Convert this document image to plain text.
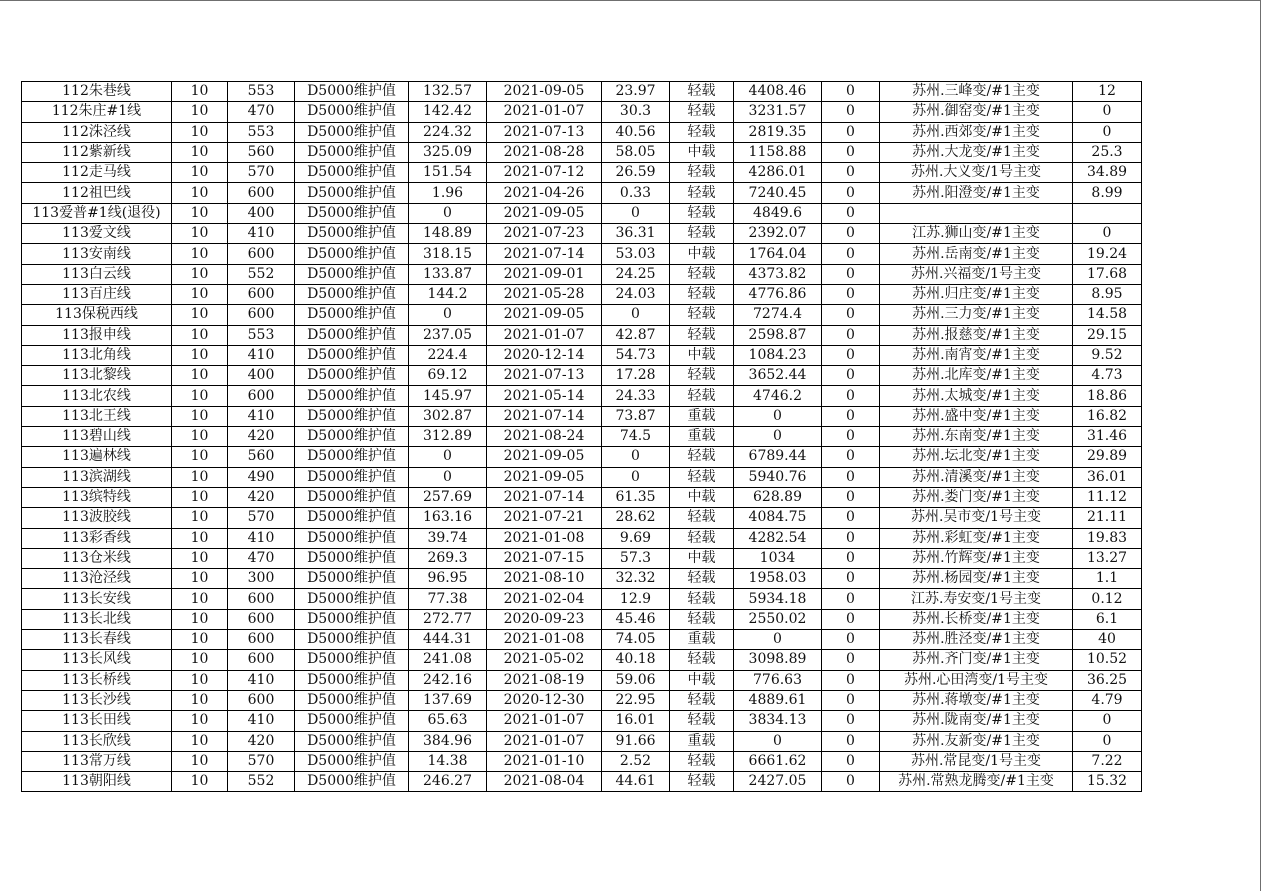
112朱巷线	10	553	D5000维护值	132.57	2021-09-05	23.97	轻载	4408.46	0	苏州.三峰变/#1主变	12
112朱庄#1线	10	470	D5000维护值	142.42	2021-01-07	30.3	轻载	3231.57	0	苏州.御窑变/#1主变	0
112洙泾线	10	553	D5000维护值	224.32	2021-07-13	40.56	轻载	2819.35	0	苏州.西郊变/#1主变	0
112紫新线	10	560	D5000维护值	325.09	2021-08-28	58.05	中载	1158.88	0	苏州.大龙变/#1主变	25.3
112走马线	10	570	D5000维护值	151.54	2021-07-12	26.59	轻载	4286.01	0	苏州.大义变/1号主变	34.89
112祖巴线	10	600	D5000维护值	1.96	2021-04-26	0.33	轻载	7240.45	0	苏州.阳澄变/#1主变	8.99
113爱普#1线(退役)	10	400	D5000维护值	0	2021-09-05	0	轻载	4849.6	0		
113爱文线	10	410	D5000维护值	148.89	2021-07-23	36.31	轻载	2392.07	0	江苏.狮山变/#1主变	0
113安南线	10	600	D5000维护值	318.15	2021-07-14	53.03	中载	1764.04	0	苏州.岳南变/#1主变	19.24
113白云线	10	552	D5000维护值	133.87	2021-09-01	24.25	轻载	4373.82	0	苏州.兴福变/1号主变	17.68
113百庄线	10	600	D5000维护值	144.2	2021-05-28	24.03	轻载	4776.86	0	苏州.归庄变/#1主变	8.95
113保税西线	10	600	D5000维护值	0	2021-09-05	0	轻载	7274.4	0	苏州.三力变/#1主变	14.58
113报申线	10	553	D5000维护值	237.05	2021-01-07	42.87	轻载	2598.87	0	苏州.报慈变/#1主变	29.15
113北角线	10	410	D5000维护值	224.4	2020-12-14	54.73	中载	1084.23	0	苏州.南宵变/#1主变	9.52
113北黎线	10	400	D5000维护值	69.12	2021-07-13	17.28	轻载	3652.44	0	苏州.北库变/#1主变	4.73
113北农线	10	600	D5000维护值	145.97	2021-05-14	24.33	轻载	4746.2	0	苏州.太城变/#1主变	18.86
113北王线	10	410	D5000维护值	302.87	2021-07-14	73.87	重载	0	0	苏州.盛中变/#1主变	16.82
113碧山线	10	420	D5000维护值	312.89	2021-08-24	74.5	重载	0	0	苏州.东南变/#1主变	31.46
113遍林线	10	560	D5000维护值	0	2021-09-05	0	轻载	6789.44	0	苏州.坛北变/#1主变	29.89
113滨湖线	10	490	D5000维护值	0	2021-09-05	0	轻载	5940.76	0	苏州.清溪变/#1主变	36.01
113缤特线	10	420	D5000维护值	257.69	2021-07-14	61.35	中载	628.89	0	苏州.娄门变/#1主变	11.12
113波胶线	10	570	D5000维护值	163.16	2021-07-21	28.62	轻载	4084.75	0	苏州.吴市变/1号主变	21.11
113彩香线	10	410	D5000维护值	39.74	2021-01-08	9.69	轻载	4282.54	0	苏州.彩虹变/#1主变	19.83
113仓米线	10	470	D5000维护值	269.3	2021-07-15	57.3	中载	1034	0	苏州.竹辉变/#1主变	13.27
113沧泾线	10	300	D5000维护值	96.95	2021-08-10	32.32	轻载	1958.03	0	苏州.杨园变/#1主变	1.1
113长安线	10	600	D5000维护值	77.38	2021-02-04	12.9	轻载	5934.18	0	江苏.寿安变/1号主变	0.12
113长北线	10	600	D5000维护值	272.77	2020-09-23	45.46	轻载	2550.02	0	苏州.长桥变/#1主变	6.1
113长春线	10	600	D5000维护值	444.31	2021-01-08	74.05	重载	0	0	苏州.胜泾变/#1主变	40
113长风线	10	600	D5000维护值	241.08	2021-05-02	40.18	轻载	3098.89	0	苏州.齐门变/#1主变	10.52
113长桥线	10	410	D5000维护值	242.16	2021-08-19	59.06	中载	776.63	0	苏州.心田湾变/1号主变	36.25
113长沙线	10	600	D5000维护值	137.69	2020-12-30	22.95	轻载	4889.61	0	苏州.蒋墩变/#1主变	4.79
113长田线	10	410	D5000维护值	65.63	2021-01-07	16.01	轻载	3834.13	0	苏州.陇南变/#1主变	0
113长欣线	10	420	D5000维护值	384.96	2021-01-07	91.66	重载	0	0	苏州.友新变/#1主变	0
113常万线	10	570	D5000维护值	14.38	2021-01-10	2.52	轻载	6661.62	0	苏州.常昆变/1号主变	7.22
113朝阳线	10	552	D5000维护值	246.27	2021-08-04	44.61	轻载	2427.05	0	苏州.常熟龙腾变/#1主变	15.32
